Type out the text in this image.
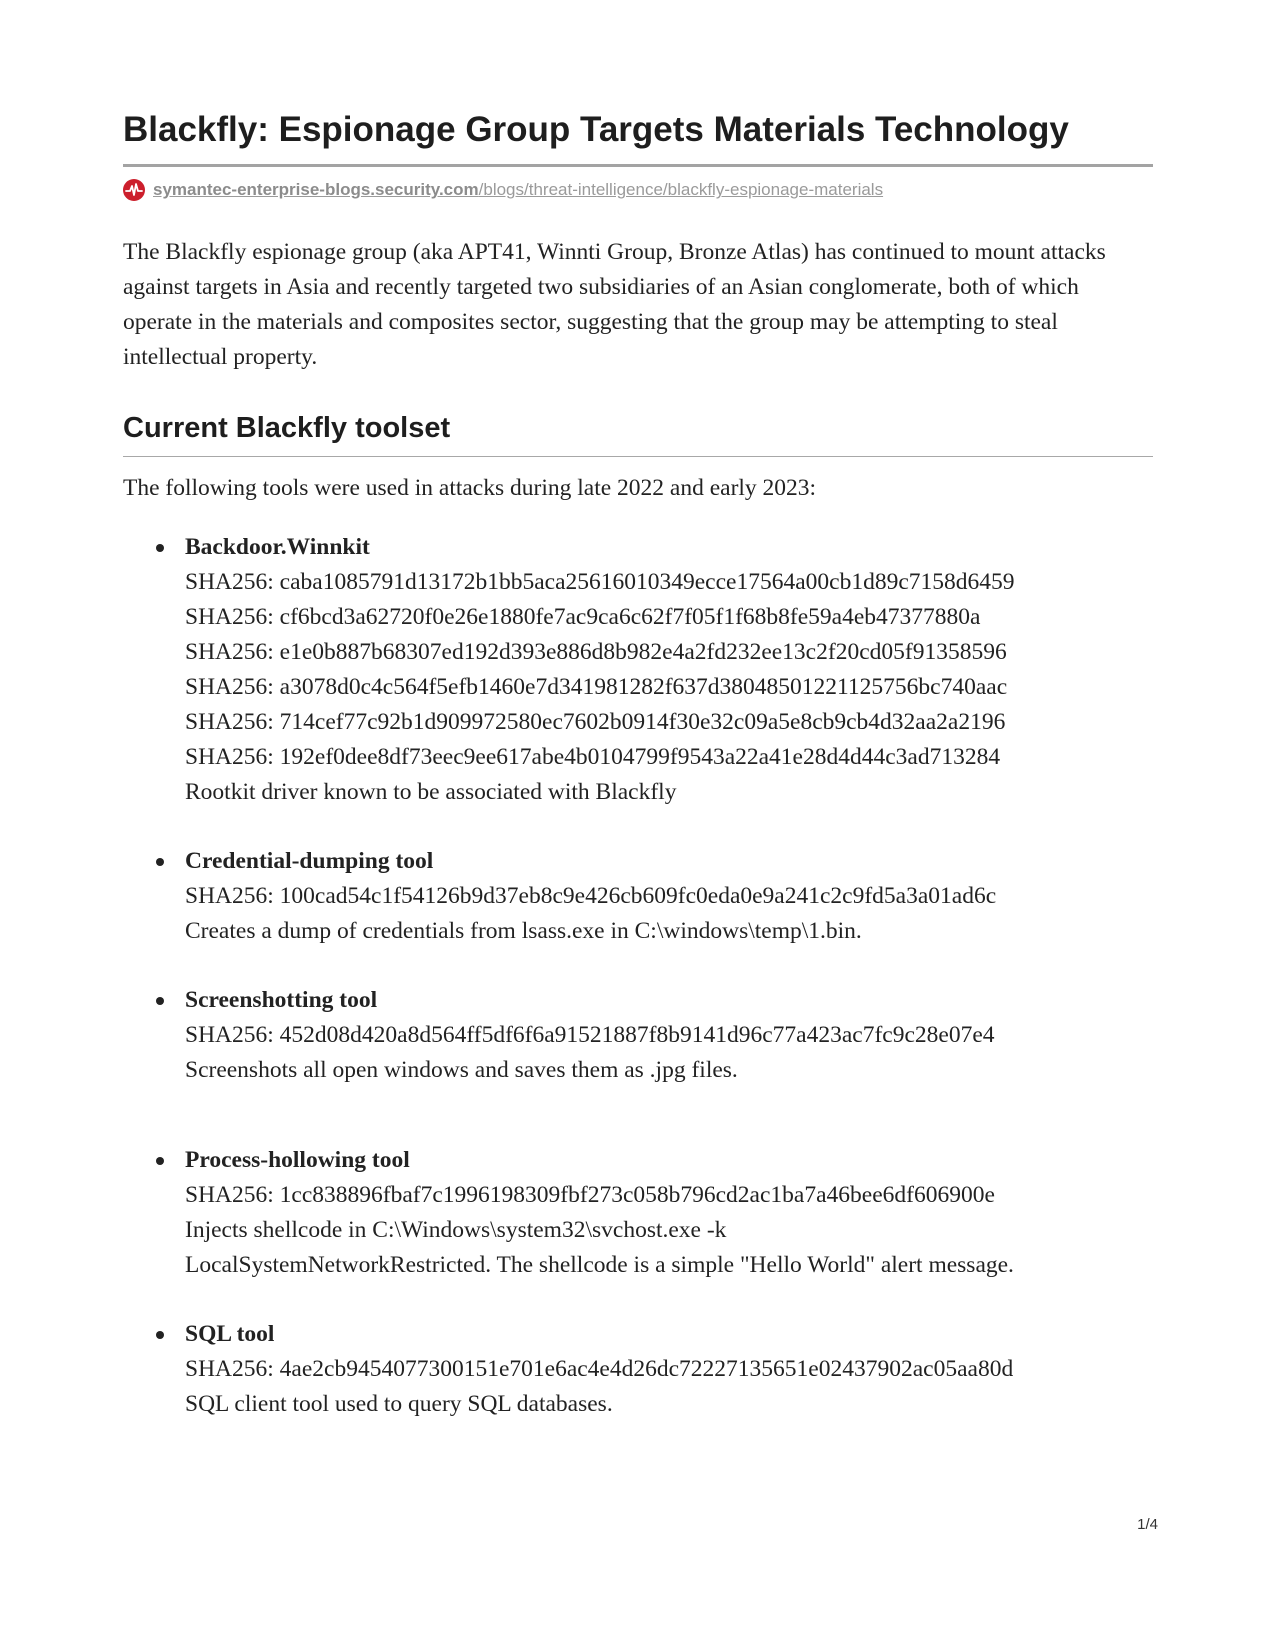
Blackfly: Espionage Group Targets Materials Technology
symantec-enterprise-blogs.security.com/blogs/threat-intelligence/blackfly-espionage-materials

The Blackfly espionage group (aka APT41, Winnti Group, Bronze Atlas) has continued to mount attacks against targets in Asia and recently targeted two subsidiaries of an Asian conglomerate, both of which operate in the materials and composites sector, suggesting that the group may be attempting to steal intellectual property.

Current Blackfly toolset

The following tools were used in attacks during late 2022 and early 2023:

Backdoor.Winnkit
SHA256: caba1085791d13172b1bb5aca25616010349ecce17564a00cb1d89c7158d6459
SHA256: cf6bcd3a62720f0e26e1880fe7ac9ca6c62f7f05f1f68b8fe59a4eb47377880a
SHA256: e1e0b887b68307ed192d393e886d8b982e4a2fd232ee13c2f20cd05f91358596
SHA256: a3078d0c4c564f5efb1460e7d341981282f637d38048501221125756bc740aac
SHA256: 714cef77c92b1d909972580ec7602b0914f30e32c09a5e8cb9cb4d32aa2a2196
SHA256: 192ef0dee8df73eec9ee617abe4b0104799f9543a22a41e28d4d44c3ad713284
Rootkit driver known to be associated with Blackfly
Credential-dumping tool
SHA256: 100cad54c1f54126b9d37eb8c9e426cb609fc0eda0e9a241c2c9fd5a3a01ad6c
Creates a dump of credentials from lsass.exe in C:\windows\temp\1.bin.
Screenshotting tool
SHA256: 452d08d420a8d564ff5df6f6a91521887f8b9141d96c77a423ac7fc9c28e07e4
Screenshots all open windows and saves them as .jpg files.
Process-hollowing tool
SHA256: 1cc838896fbaf7c1996198309fbf273c058b796cd2ac1ba7a46bee6df606900e
Injects shellcode in C:\Windows\system32\svchost.exe -k
LocalSystemNetworkRestricted. The shellcode is a simple "Hello World" alert message.
SQL tool
SHA256: 4ae2cb9454077300151e701e6ac4e4d26dc72227135651e02437902ac05aa80d
SQL client tool used to query SQL databases.
1/4
